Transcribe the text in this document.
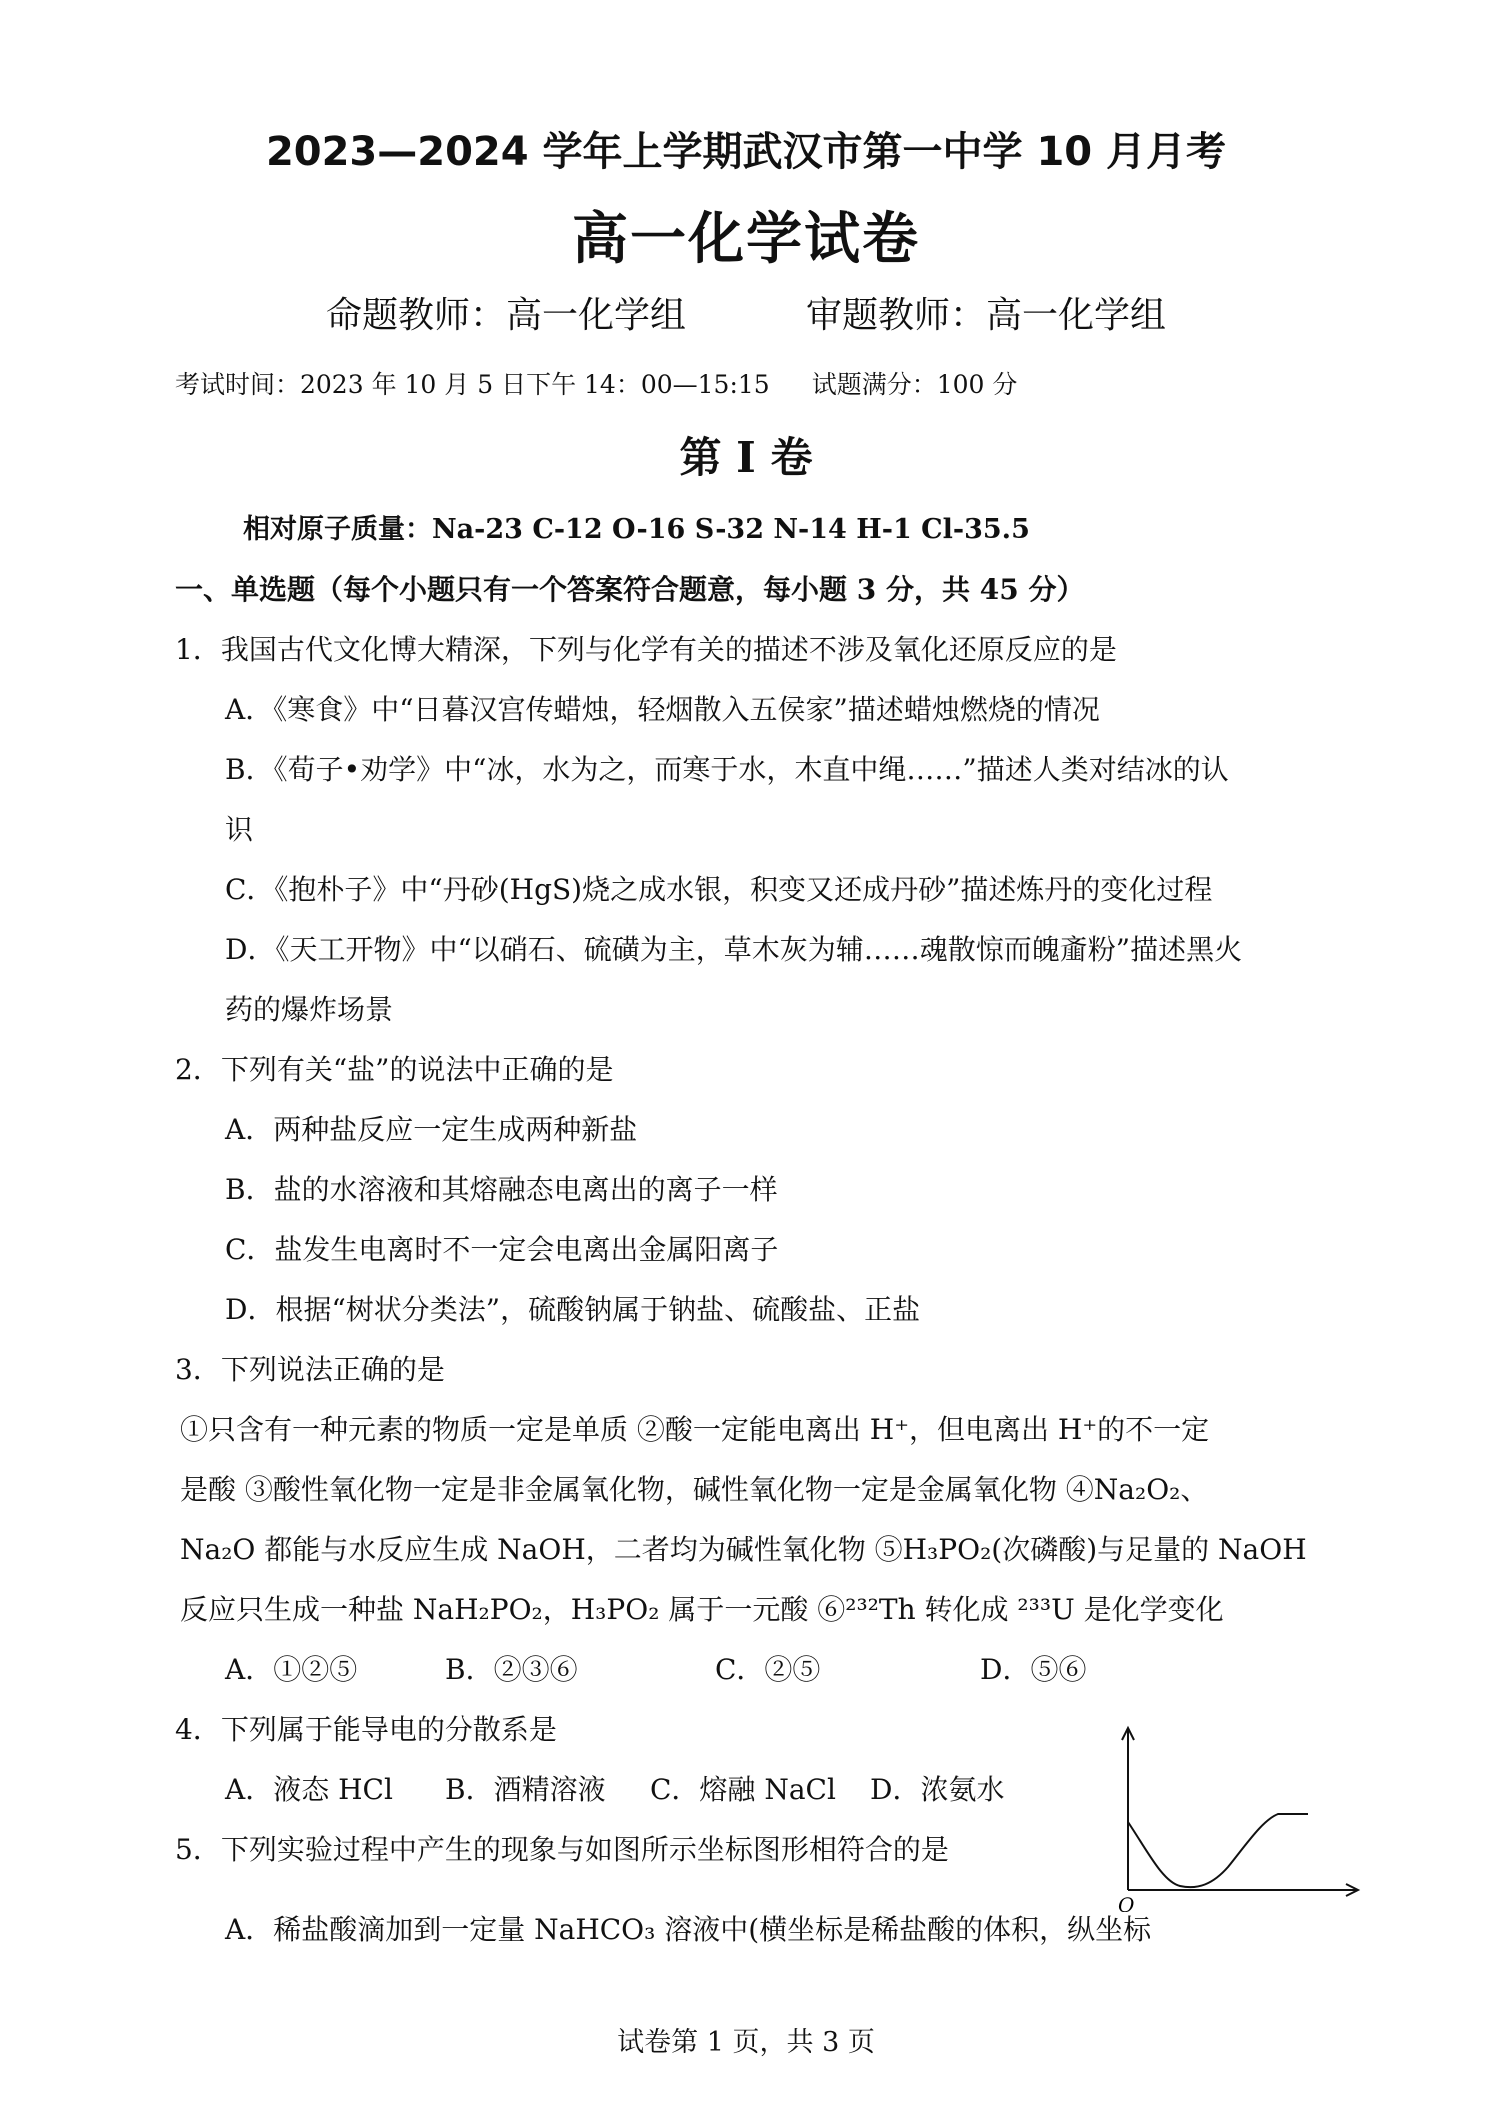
2023—2024 学年上学期武汉市第一中学 10 月月考
高一化学试卷
命题教师：高一化学组	审题教师：高一化学组
考试时间：2023 年 10 月 5 日下午 14：00—15:15 试题满分：100 分
第 I 卷
相对原子质量：Na-23 C-12 O-16 S-32 N-14 H-1 Cl-35.5
一、单选题（每个小题只有一个答案符合题意，每小题 3 分，共 45 分）
1．我国古代文化博大精深，下列与化学有关的描述不涉及氧化还原反应的是
A．《寒食》中“日暮汉宫传蜡烛，轻烟散入五侯家”描述蜡烛燃烧的情况
B．《荀子•劝学》中“冰，水为之，而寒于水，木直中绳……”描述人类对结冰的认
识
C．《抱朴子》中“丹砂(HgS)烧之成水银，积变又还成丹砂”描述炼丹的变化过程
D．《天工开物》中“以硝石、硫磺为主，草木灰为辅……魂散惊而魄齑粉”描述黑火
药的爆炸场景
2．下列有关“盐”的说法中正确的是
A．两种盐反应一定生成两种新盐
B．盐的水溶液和其熔融态电离出的离子一样
C．盐发生电离时不一定会电离出金属阳离子
D．根据“树状分类法”，硫酸钠属于钠盐、硫酸盐、正盐
3．下列说法正确的是
①只含有一种元素的物质一定是单质 ②酸一定能电离出 H⁺，但电离出 H⁺的不一定
是酸 ③酸性氧化物一定是非金属氧化物，碱性氧化物一定是金属氧化物 ④Na₂O₂、
Na₂O 都能与水反应生成 NaOH，二者均为碱性氧化物 ⑤H₃PO₂(次磷酸)与足量的 NaOH
反应只生成一种盐 NaH₂PO₂，H₃PO₂ 属于一元酸 ⑥²³²Th 转化成 ²³³U 是化学变化
A．①②⑤	B．②③⑥	C．②⑤	D．⑤⑥
4．下列属于能导电的分散系是
A．液态 HCl B．酒精溶液 C．熔融 NaCl D．浓氨水
5．下列实验过程中产生的现象与如图所示坐标图形相符合的是
A．稀盐酸滴加到一定量 NaHCO₃ 溶液中(横坐标是稀盐酸的体积，纵坐标
O
试卷第 1 页，共 3 页
